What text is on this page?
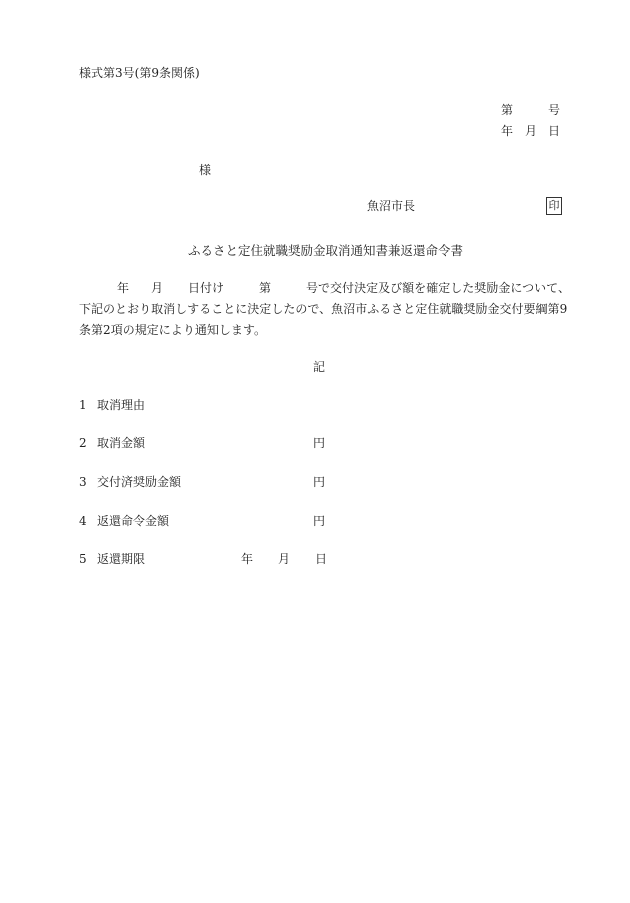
様式第3号(第9条関係)
第	号
年 月 日
様
魚沼市長	印
ふるさと定住就職奨励金取消通知書兼返還命令書
年 月 日付け	第	号で交付決定及び額を確定した奨励金について、
下記のとおり取消しすることに決定したので、魚沼市ふるさと定住就職奨励金交付要綱第9
条第2項の規定により通知します。
記
1 取消理由
2 取消金額	円
3 交付済奨励金額	円
4 返還命令金額	円
5 返還期限	年 月 日
